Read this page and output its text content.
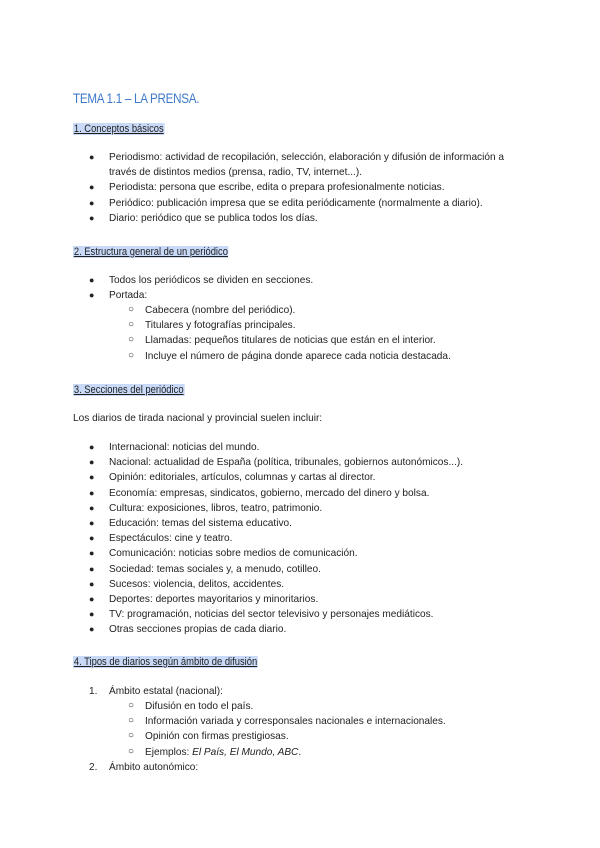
TEMA 1.1 – LA PRENSA.
1. Conceptos básicos
● Periodismo: actividad de recopilación, selección, elaboración y difusión de información a través de distintos medios (prensa, radio, TV, internet...).
● Periodista: persona que escribe, edita o prepara profesionalmente noticias.
● Periódico: publicación impresa que se edita periódicamente (normalmente a diario).
● Diario: periódico que se publica todos los días.
2. Estructura general de un periódico
● Todos los periódicos se dividen en secciones.
● Portada:
○ Cabecera (nombre del periódico).
○ Titulares y fotografías principales.
○ Llamadas: pequeños titulares de noticias que están en el interior.
○ Incluye el número de página donde aparece cada noticia destacada.
3. Secciones del periódico
Los diarios de tirada nacional y provincial suelen incluir:
● Internacional: noticias del mundo.
● Nacional: actualidad de España (política, tribunales, gobiernos autonómicos...).
● Opinión: editoriales, artículos, columnas y cartas al director.
● Economía: empresas, sindicatos, gobierno, mercado del dinero y bolsa.
● Cultura: exposiciones, libros, teatro, patrimonio.
● Educación: temas del sistema educativo.
● Espectáculos: cine y teatro.
● Comunicación: noticias sobre medios de comunicación.
● Sociedad: temas sociales y, a menudo, cotilleo.
● Sucesos: violencia, delitos, accidentes.
● Deportes: deportes mayoritarios y minoritarios.
● TV: programación, noticias del sector televisivo y personajes mediáticos.
● Otras secciones propias de cada diario.
4. Tipos de diarios según ámbito de difusión
1. Ámbito estatal (nacional):
○ Difusión en todo el país.
○ Información variada y corresponsales nacionales e internacionales.
○ Opinión con firmas prestigiosas.
○ Ejemplos: El País, El Mundo, ABC.
2. Ámbito autonómico:
